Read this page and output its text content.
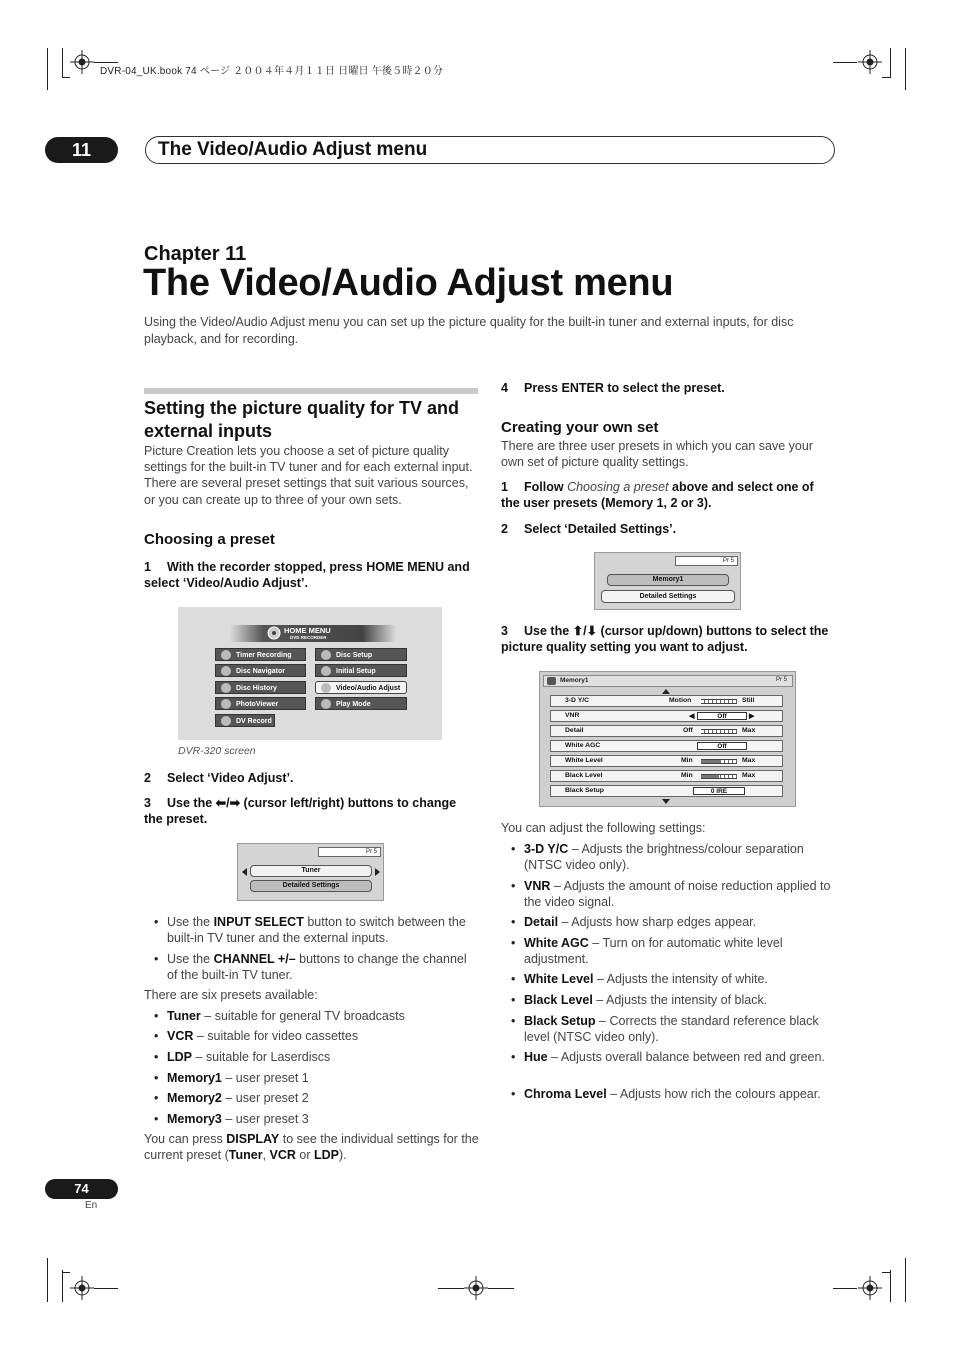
DVR-04_UK.book 74 ページ ２００４年４月１１日 日曜日 午後５時２０分
11	The Video/Audio Adjust menu
Chapter 11
The Video/Audio Adjust menu
Using the Video/Audio Adjust menu you can set up the picture quality for the built-in tuner and external inputs, for disc playback, and for recording.
Setting the picture quality for TV and external inputs
Picture Creation lets you choose a set of picture quality settings for the built-in TV tuner and for each external input. There are several preset settings that suit various sources, or you can create up to three of your own sets.
Choosing a preset
1	With the recorder stopped, press HOME MENU and select ‘Video/Audio Adjust’.
HOME MENU
DVD RECORDER
Timer Recording
Disc Navigator
Disc History
PhotoViewer
DV Record
Disc Setup
Initial Setup
Video/Audio Adjust
Play Mode
DVR-320 screen
2 Select ‘Video Adjust’.
3	Use the ⬅/➡ (cursor left/right) buttons to change the preset.
Pr 5
Tuner
Detailed Settings
• Use the INPUT SELECT button to switch between the built-in TV tuner and the external inputs.
• Use the CHANNEL +/– buttons to change the channel of the built-in TV tuner.
There are six presets available:
• Tuner – suitable for general TV broadcasts
• VCR – suitable for video cassettes
• LDP – suitable for Laserdiscs
• Memory1 – user preset 1
• Memory2 – user preset 2
• Memory3 – user preset 3
You can press DISPLAY to see the individual settings for the current preset (Tuner, VCR or LDP).
4 Press ENTER to select the preset.
Creating your own set
There are three user presets in which you can save your own set of picture quality settings.
1	Follow Choosing a preset above and select one of the user presets (Memory 1, 2 or 3).
2 Select ‘Detailed Settings’.
Pr 5
Memory1
Detailed Settings
3	Use the ⬆/⬇ (cursor up/down) buttons to select the picture quality setting you want to adjust.
Memory1	Pr 5
3-D Y/C	Motion	Still
VNR	◀	Off	▶
Detail	Off	Max
White AGC	Off
White Level	Min	Max
Black Level	Min	Max
Black Setup	0 IRE
You can adjust the following settings:
• 3-D Y/C – Adjusts the brightness/colour separation (NTSC video only).
• VNR – Adjusts the amount of noise reduction applied to the video signal.
• Detail – Adjusts how sharp edges appear.
• White AGC – Turn on for automatic white level adjustment.
• White Level – Adjusts the intensity of white.
• Black Level – Adjusts the intensity of black.
• Black Setup – Corrects the standard reference black level (NTSC video only).
• Hue – Adjusts overall balance between red and green.
• Chroma Level – Adjusts how rich the colours appear.
74
En
